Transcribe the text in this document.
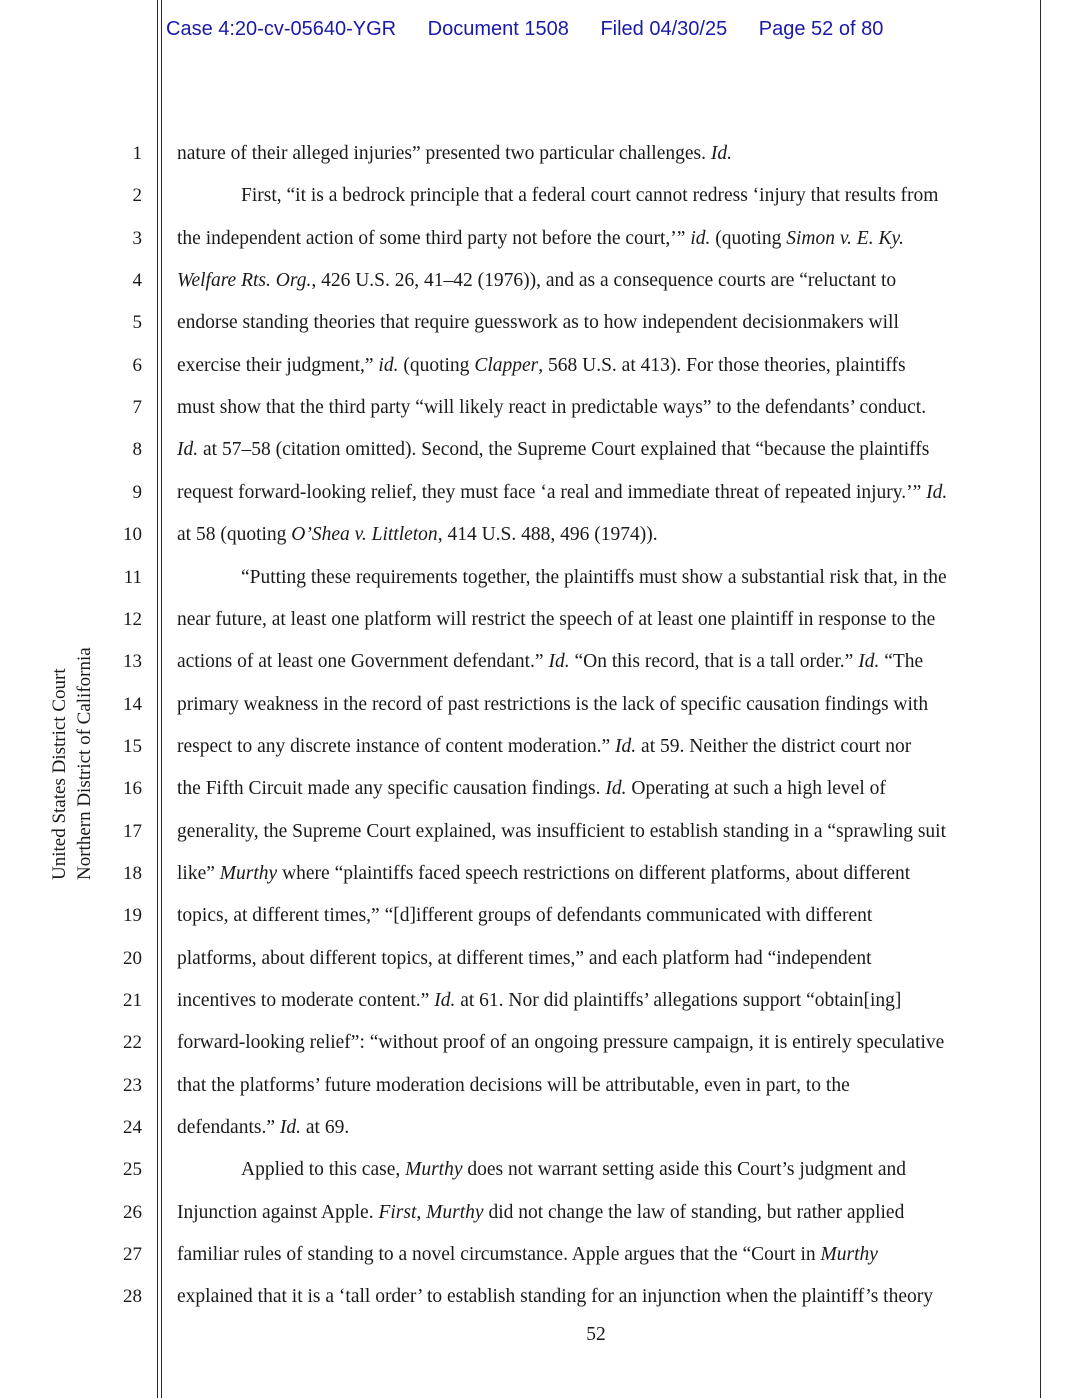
Case 4:20-cv-05640-YGR Document 1508 Filed 04/30/25 Page 52 of 80
United States District Court Northern District of California
1
2
3
4
5
6
7
8
9
10
11
12
13
14
15
16
17
18
19
20
21
22
23
24
25
26
27
28
nature of their alleged injuries” presented two particular challenges. Id.
First, “it is a bedrock principle that a federal court cannot redress ‘injury that results from
the independent action of some third party not before the court,’” id. (quoting Simon v. E. Ky.
Welfare Rts. Org., 426 U.S. 26, 41–42 (1976)), and as a consequence courts are “reluctant to
endorse standing theories that require guesswork as to how independent decisionmakers will
exercise their judgment,” id. (quoting Clapper, 568 U.S. at 413). For those theories, plaintiffs
must show that the third party “will likely react in predictable ways” to the defendants’ conduct.
Id. at 57–58 (citation omitted). Second, the Supreme Court explained that “because the plaintiffs
request forward-looking relief, they must face ‘a real and immediate threat of repeated injury.’” Id.
at 58 (quoting O’Shea v. Littleton, 414 U.S. 488, 496 (1974)).
“Putting these requirements together, the plaintiffs must show a substantial risk that, in the
near future, at least one platform will restrict the speech of at least one plaintiff in response to the
actions of at least one Government defendant.” Id. “On this record, that is a tall order.” Id. “The
primary weakness in the record of past restrictions is the lack of specific causation findings with
respect to any discrete instance of content moderation.” Id. at 59. Neither the district court nor
the Fifth Circuit made any specific causation findings. Id. Operating at such a high level of
generality, the Supreme Court explained, was insufficient to establish standing in a “sprawling suit
like” Murthy where “plaintiffs faced speech restrictions on different platforms, about different
topics, at different times,” “[d]ifferent groups of defendants communicated with different
platforms, about different topics, at different times,” and each platform had “independent
incentives to moderate content.” Id. at 61. Nor did plaintiffs’ allegations support “obtain[ing]
forward-looking relief”: “without proof of an ongoing pressure campaign, it is entirely speculative
that the platforms’ future moderation decisions will be attributable, even in part, to the
defendants.” Id. at 69.
Applied to this case, Murthy does not warrant setting aside this Court’s judgment and
Injunction against Apple. First, Murthy did not change the law of standing, but rather applied
familiar rules of standing to a novel circumstance. Apple argues that the “Court in Murthy
explained that it is a ‘tall order’ to establish standing for an injunction when the plaintiff’s theory
52
